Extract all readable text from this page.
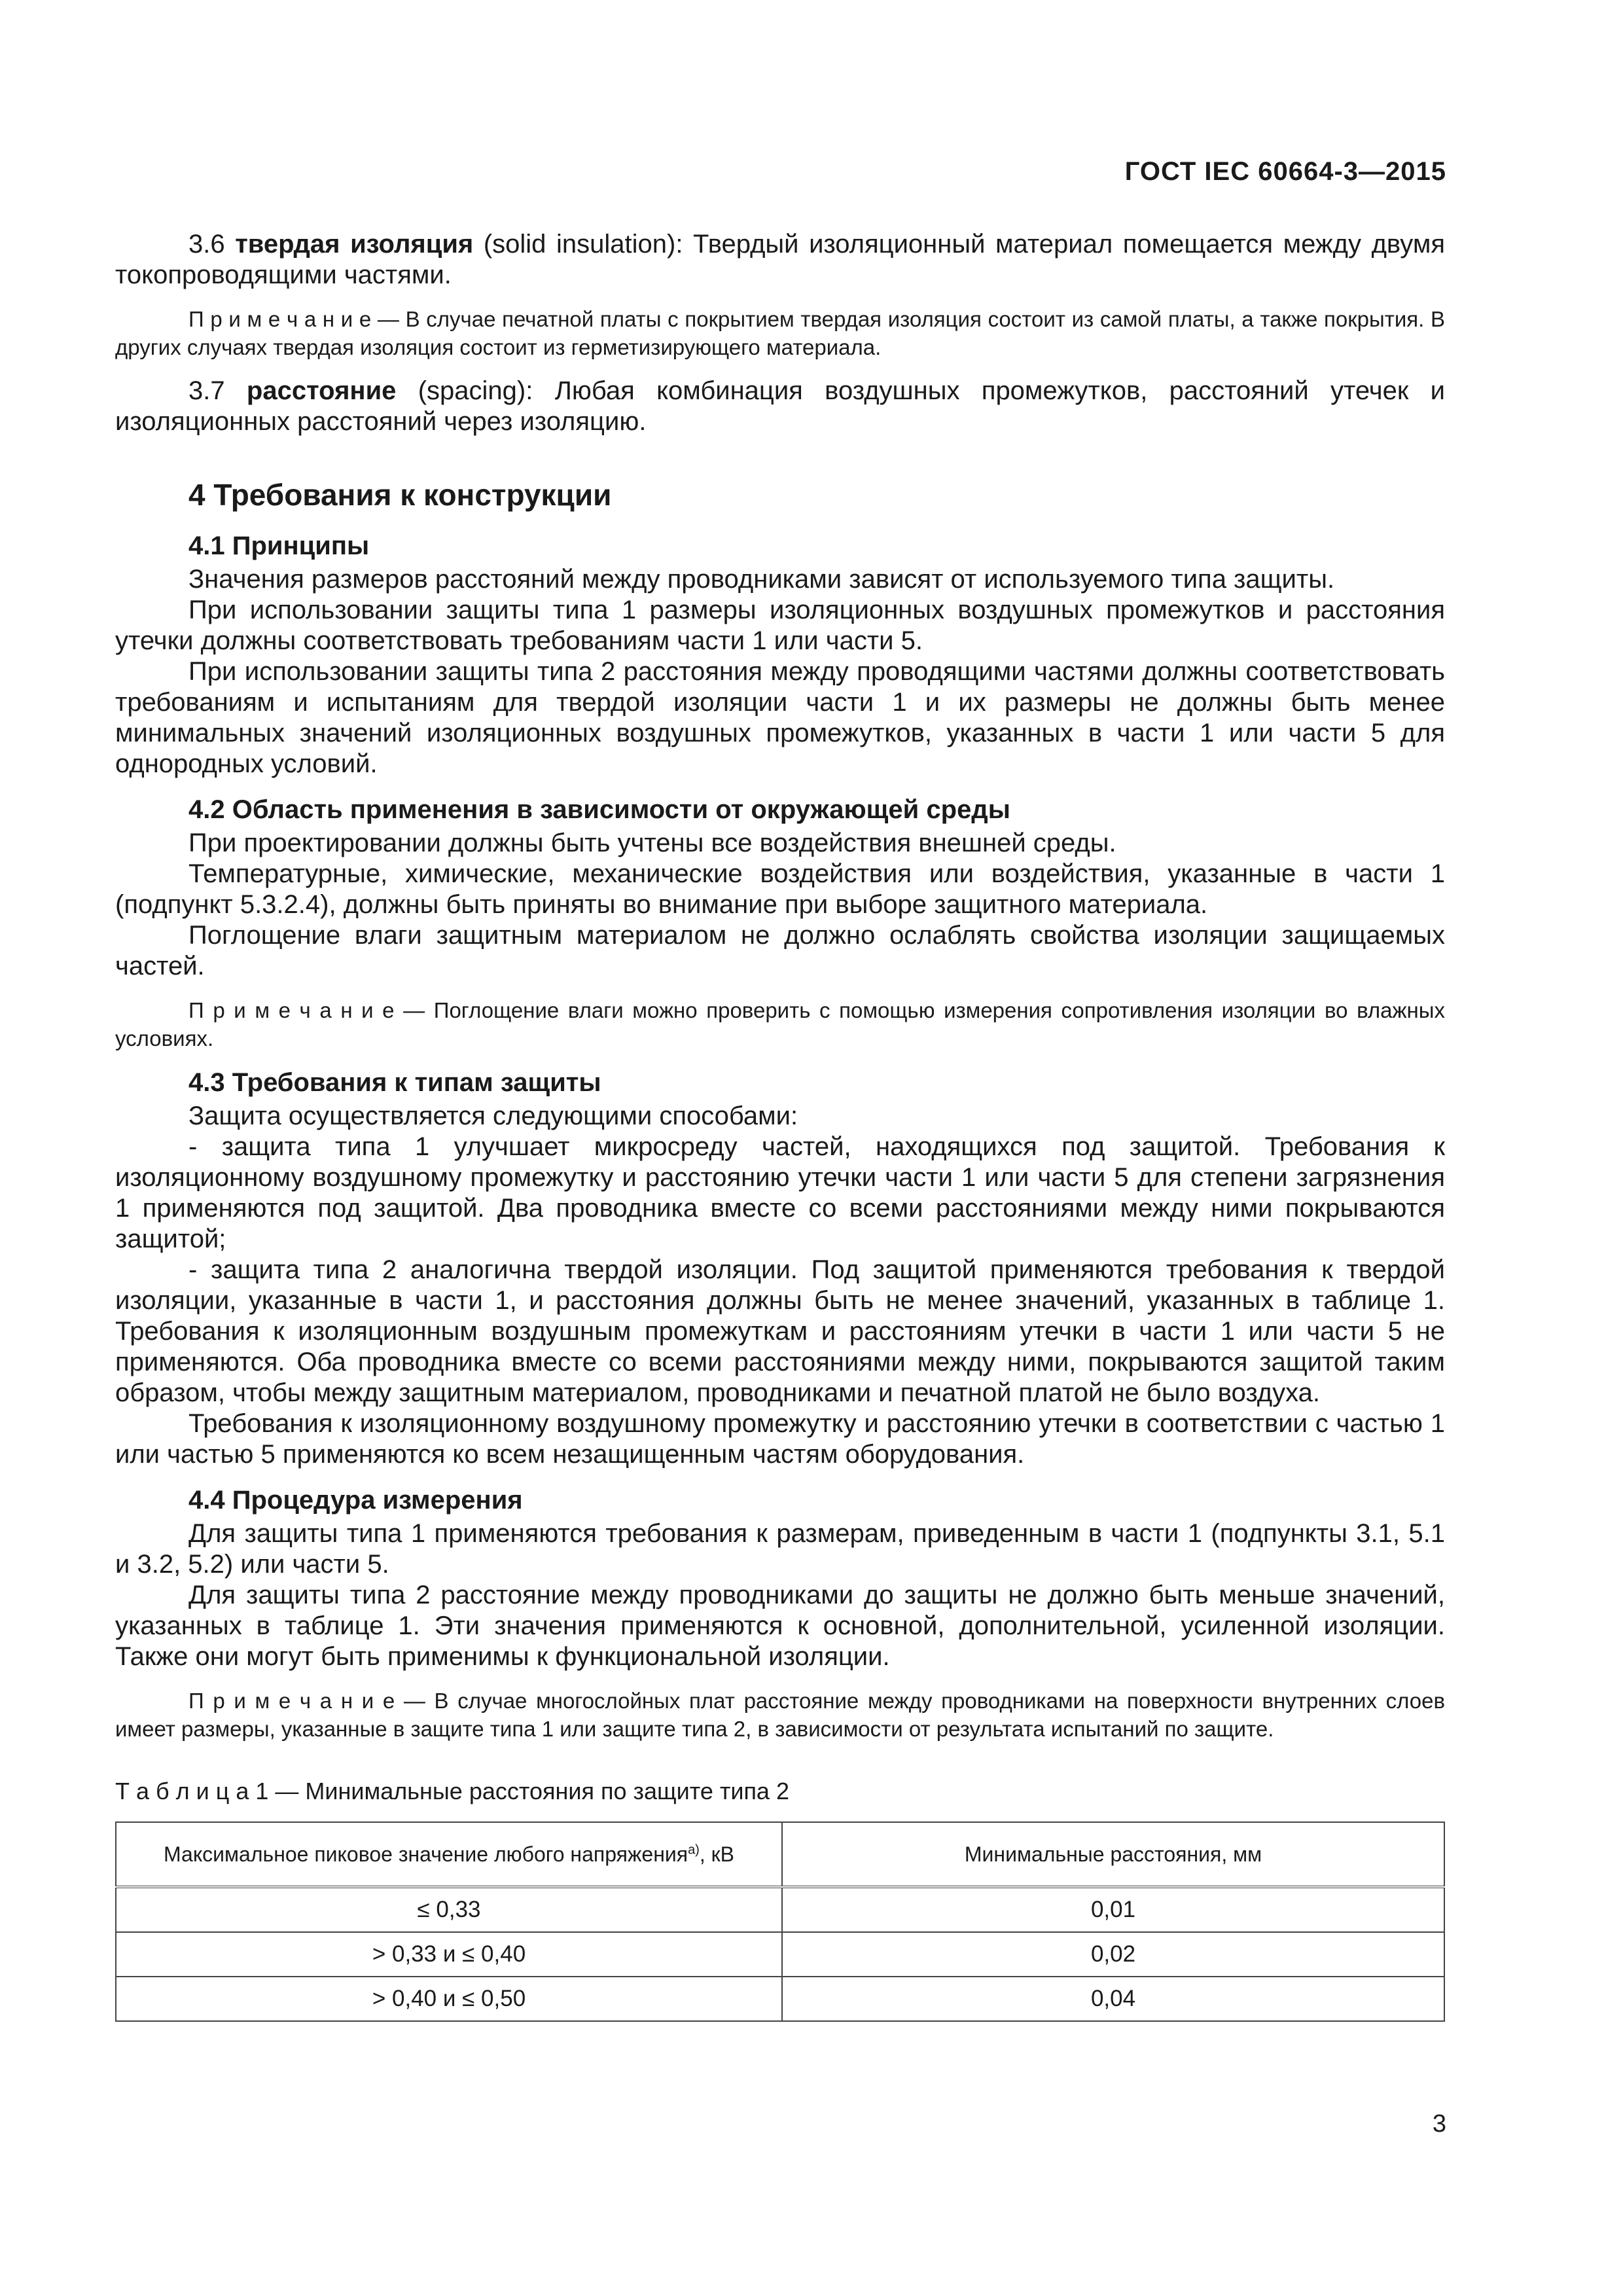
ГОСТ IEC 60664-3—2015

3.6 твердая изоляция (solid insulation): Твердый изоляционный материал помещается между двумя токопроводящими частями.

П р и м е ч а н и е — В случае печатной платы с покрытием твердая изоляция состоит из самой платы, а также покрытия. В других случаях твердая изоляция состоит из герметизирующего материала.

3.7 расстояние (spacing): Любая комбинация воздушных промежутков, расстояний утечек и изоляционных расстояний через изоляцию.

4 Требования к конструкции
4.1 Принципы

Значения размеров расстояний между проводниками зависят от используемого типа защиты.

При использовании защиты типа 1 размеры изоляционных воздушных промежутков и расстояния утечки должны соответствовать требованиям части 1 или части 5.

При использовании защиты типа 2 расстояния между проводящими частями должны соответствовать требованиям и испытаниям для твердой изоляции части 1 и их размеры не должны быть менее минимальных значений изоляционных воздушных промежутков, указанных в части 1 или части 5 для однородных условий.

4.2 Область применения в зависимости от окружающей среды

При проектировании должны быть учтены все воздействия внешней среды.

Температурные, химические, механические воздействия или воздействия, указанные в части 1 (подпункт 5.3.2.4), должны быть приняты во внимание при выборе защитного материала.

Поглощение влаги защитным материалом не должно ослаблять свойства изоляции защищаемых частей.

П р и м е ч а н и е — Поглощение влаги можно проверить с помощью измерения сопротивления изоляции во влажных условиях.

4.3 Требования к типам защиты

Защита осуществляется следующими способами:

- защита типа 1 улучшает микросреду частей, находящихся под защитой. Требования к изоляционному воздушному промежутку и расстоянию утечки части 1 или части 5 для степени загрязнения 1 применяются под защитой. Два проводника вместе со всеми расстояниями между ними покрываются защитой;

- защита типа 2 аналогична твердой изоляции. Под защитой применяются требования к твердой изоляции, указанные в части 1, и расстояния должны быть не менее значений, указанных в таблице 1. Требования к изоляционным воздушным промежуткам и расстояниям утечки в части 1 или части 5 не применяются. Оба проводника вместе со всеми расстояниями между ними, покрываются защитой таким образом, чтобы между защитным материалом, проводниками и печатной платой не было воздуха.

Требования к изоляционному воздушному промежутку и расстоянию утечки в соответствии с частью 1 или частью 5 применяются ко всем незащищенным частям оборудования.

4.4 Процедура измерения

Для защиты типа 1 применяются требования к размерам, приведенным в части 1 (подпункты 3.1, 5.1 и 3.2, 5.2) или части 5.

Для защиты типа 2 расстояние между проводниками до защиты не должно быть меньше значений, указанных в таблице 1. Эти значения применяются к основной, дополнительной, усиленной изоляции. Также они могут быть применимы к функциональной изоляции.

П р и м е ч а н и е — В случае многослойных плат расстояние между проводниками на поверхности внутренних слоев имеет размеры, указанные в защите типа 1 или защите типа 2, в зависимости от результата испытаний по защите.

Т а б л и ц а 1 — Минимальные расстояния по защите типа 2
Максимальное пиковое значение любого напряжения$^{а)}$, кВ	Минимальные расстояния, мм
≤ 0,33	0,01
> 0,33 и ≤ 0,40	0,02
> 0,40 и ≤ 0,50	0,04
3
